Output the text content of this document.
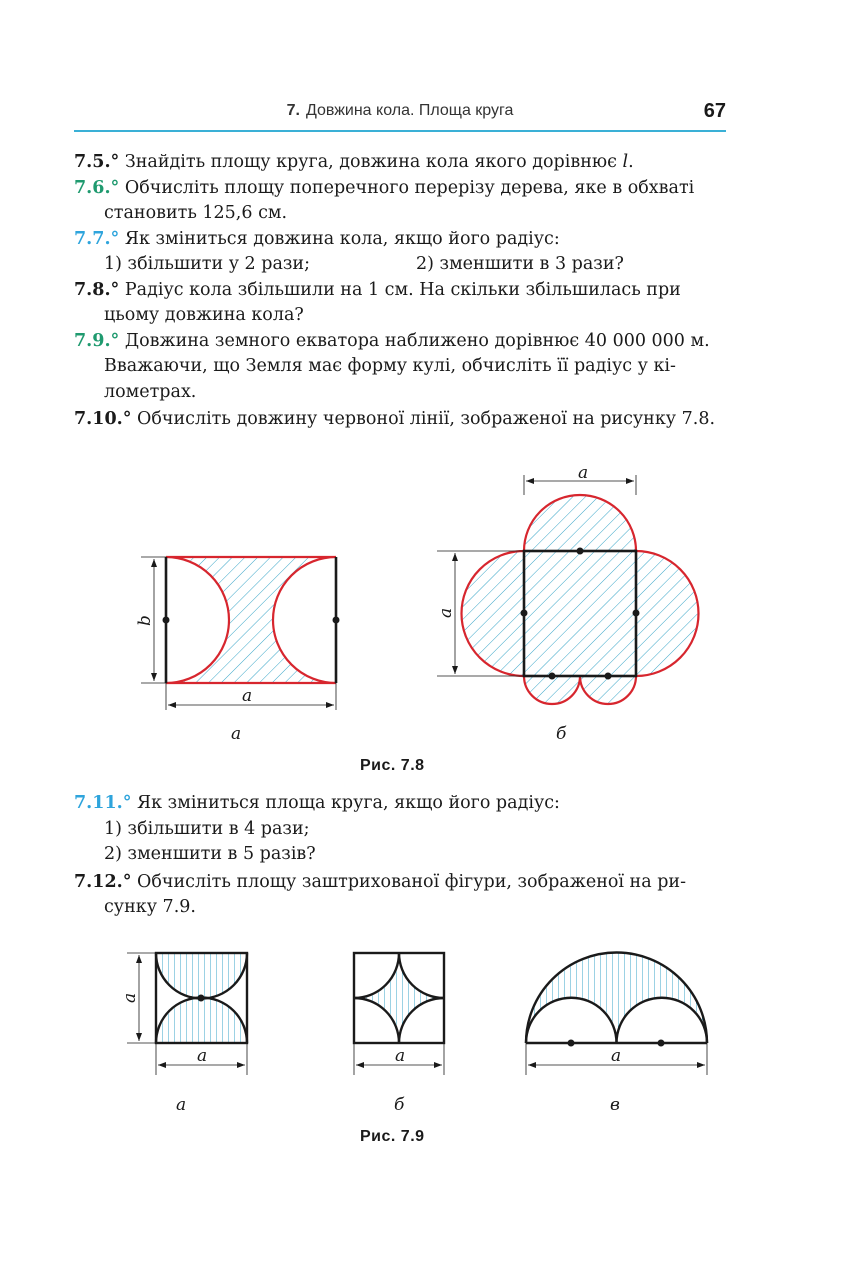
7. Довжина кола. Площа круга	67

7.5.° Знайдіть площу круга, довжина кола якого дорівнює l.

7.6.° Обчисліть площу поперечного перерізу дерева, яке в обхваті
становить 125,6 см.

7.7.° Як зміниться довжина кола, якщо його радіус:
1) збільшити у 2 рази;	2) зменшити в 3 рази?

7.8.° Радіус кола збільшили на 1 см. На скільки збільшилась при
цьому довжина кола?

7.9.° Довжина земного екватора наближено дорівнює 40 000 000 м.
Вважаючи, що Земля має форму кулі, обчисліть її радіус у кі-
лометрах.

7.10.° Обчисліть довжину червоної лінії, зображеної на рисунку 7.8.

b
a
a
a
а	б
Рис. 7.8

7.11.° Як зміниться площа круга, якщо його радіус:
1) збільшити в 4 рази;
2) зменшити в 5 разів?

7.12.° Обчисліть площу заштрихованої фігури, зображеної на ри-
сунку 7.9.

a
a	a	a
а	б	в
Рис. 7.9
